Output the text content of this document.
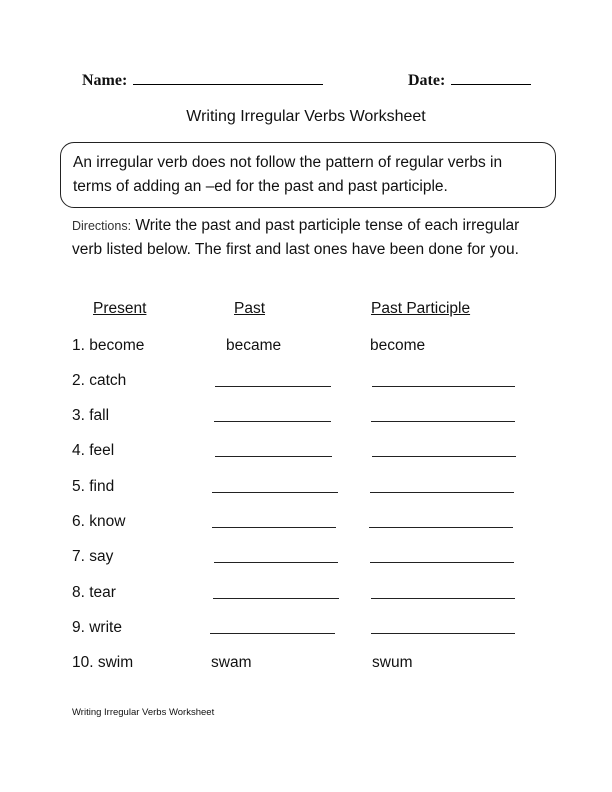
Name:	Date:
Writing Irregular Verbs Worksheet
An irregular verb does not follow the pattern of regular verbs in terms of adding an –ed for the past and past participle.
Directions: Write the past and past participle tense of each irregular verb listed below. The first and last ones have been done for you.
Present	Past	Past Participle
1. become	became	become
2. catch
3. fall
4. feel
5. find
6. know
7. say
8. tear
9. write
10. swim	swam	swum
Writing Irregular Verbs Worksheet
